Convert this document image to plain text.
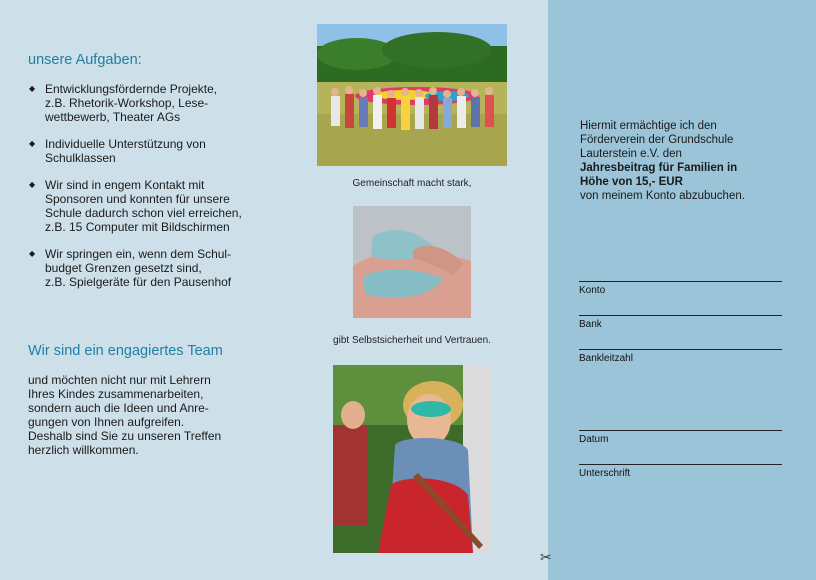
unsere Aufgaben:
◆ Entwicklungsfördernde Projekte,
z.B. Rhetorik-Workshop, Lese-
wettbewerb, Theater AGs
◆ Individuelle Unterstützung von
Schulklassen
◆ Wir sind in engem Kontakt mit
Sponsoren und konnten für unsere
Schule dadurch schon viel erreichen,
z.B. 15 Computer mit Bildschirmen
◆ Wir springen ein, wenn dem Schul-
budget Grenzen gesetzt sind,
z.B. Spielgeräte für den Pausenhof
Wir sind ein engagiertes Team

und möchten nicht nur mit Lehrern
Ihres Kindes zusammenarbeiten,
sondern auch die Ideen und Anre-
gungen von Ihnen aufgreifen.
Deshalb sind Sie zu unseren Treffen
herzlich willkommen.

Gemeinschaft macht stark,
gibt Selbstsicherheit und Vertrauen.
Hiermit ermächtige ich den
Förderverein der Grundschule
Lauterstein e.V. den
Jahresbeitrag für Familien in
Höhe von 15,- EUR
von meinem Konto abzubuchen.
Konto
Bank
Bankleitzahl
Datum
Unterschrift
✂
